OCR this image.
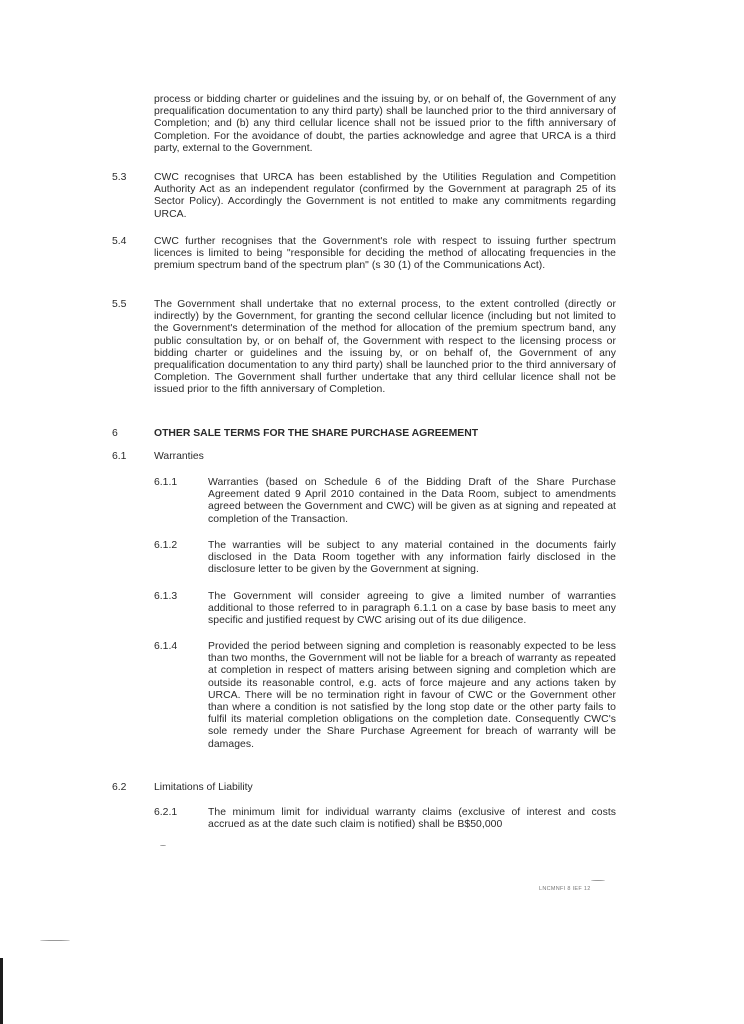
process or bidding charter or guidelines and the issuing by, or on behalf of, the Government of any prequalification documentation to any third party) shall be launched prior to the third anniversary of Completion; and (b) any third cellular licence shall not be issued prior to the fifth anniversary of Completion. For the avoidance of doubt, the parties acknowledge and agree that URCA is a third party, external to the Government.
5.3	CWC recognises that URCA has been established by the Utilities Regulation and Competition Authority Act as an independent regulator (confirmed by the Government at paragraph 25 of its Sector Policy). Accordingly the Government is not entitled to make any commitments regarding URCA.
5.4	CWC further recognises that the Government's role with respect to issuing further spectrum licences is limited to being "responsible for deciding the method of allocating frequencies in the premium spectrum band of the spectrum plan" (s 30 (1) of the Communications Act).
5.5	The Government shall undertake that no external process, to the extent controlled (directly or indirectly) by the Government, for granting the second cellular licence (including but not limited to the Government's determination of the method for allocation of the premium spectrum band, any public consultation by, or on behalf of, the Government with respect to the licensing process or bidding charter or guidelines and the issuing by, or on behalf of, the Government of any prequalification documentation to any third party) shall be launched prior to the third anniversary of Completion. The Government shall further undertake that any third cellular licence shall not be issued prior to the fifth anniversary of Completion.
6	OTHER SALE TERMS FOR THE SHARE PURCHASE AGREEMENT
6.1	Warranties
6.1.1	Warranties (based on Schedule 6 of the Bidding Draft of the Share Purchase Agreement dated 9 April 2010 contained in the Data Room, subject to amendments agreed between the Government and CWC) will be given as at signing and repeated at completion of the Transaction.
6.1.2	The warranties will be subject to any material contained in the documents fairly disclosed in the Data Room together with any information fairly disclosed in the disclosure letter to be given by the Government at signing.
6.1.3	The Government will consider agreeing to give a limited number of warranties additional to those referred to in paragraph 6.1.1 on a case by base basis to meet any specific and justified request by CWC arising out of its due diligence.
6.1.4	Provided the period between signing and completion is reasonably expected to be less than two months, the Government will not be liable for a breach of warranty as repeated at completion in respect of matters arising between signing and completion which are outside its reasonable control, e.g. acts of force majeure and any actions taken by URCA. There will be no termination right in favour of CWC or the Government other than where a condition is not satisfied by the long stop date or the other party fails to fulfil its material completion obligations on the completion date. Consequently CWC's sole remedy under the Share Purchase Agreement for breach of warranty will be damages.
6.2	Limitations of Liability
6.2.1	The minimum limit for individual warranty claims (exclusive of interest and costs accrued as at the date such claim is notified) shall be B$50,000
LNCMNFI 8 IEF 12
